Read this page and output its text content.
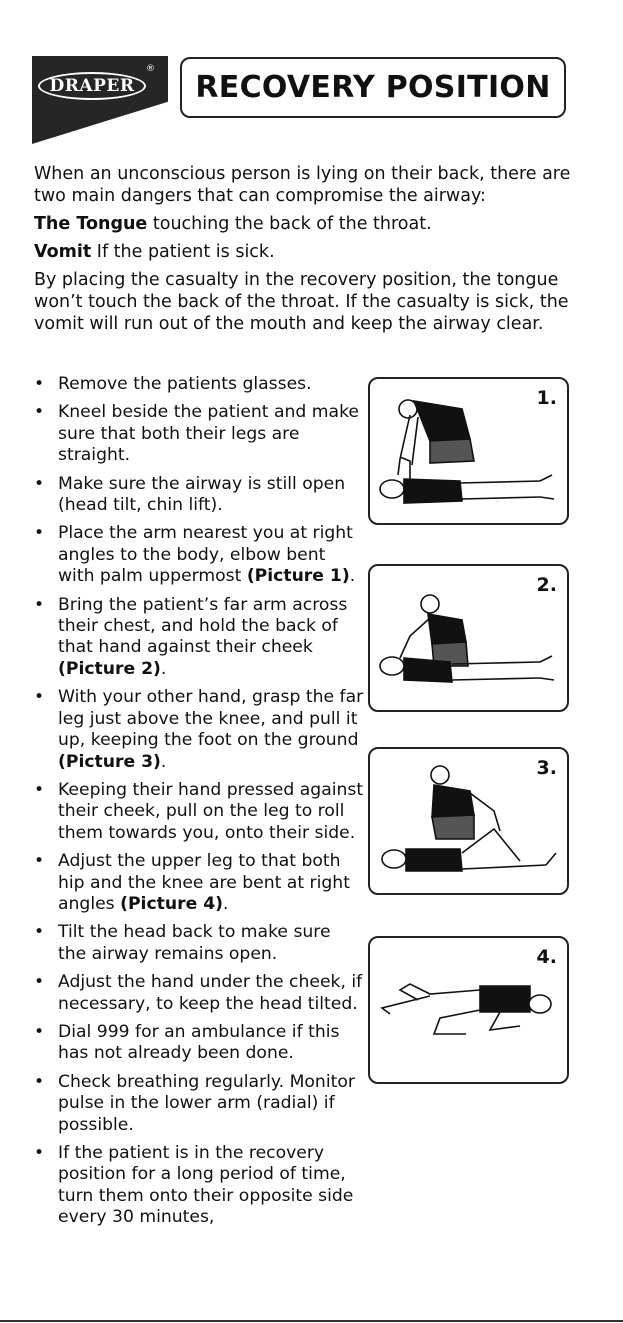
DRAPER
®
RECOVERY POSITION

When an unconscious person is lying on their back, there are two main dangers that can compromise the airway:

The Tongue touching the back of the throat.

Vomit If the patient is sick.

By placing the casualty in the recovery position, the tongue won’t touch the back of the throat. If the casualty is sick, the vomit will run out of the mouth and keep the airway clear.

• Remove the patients glasses.
• Kneel beside the patient and make sure that both their legs are straight.
• Make sure the airway is still open (head tilt, chin lift).
• Place the arm nearest you at right angles to the body, elbow bent with palm uppermost (Picture 1).
• Bring the patient’s far arm across their chest, and hold the back of that hand against their cheek (Picture 2).
• With your other hand, grasp the far leg just above the knee, and pull it up, keeping the foot on the ground (Picture 3).
• Keeping their hand pressed against their cheek, pull on the leg to roll them towards you, onto their side.
• Adjust the upper leg to that both hip and the knee are bent at right angles (Picture 4).
• Tilt the head back to make sure the airway remains open.
• Adjust the hand under the cheek, if necessary, to keep the head tilted.
• Dial 999 for an ambulance if this has not already been done.
• Check breathing regularly. Monitor pulse in the lower arm (radial) if possible.
• If the patient is in the recovery position for a long period of time, turn them onto their opposite side every 30 minutes,
1.
2.
3.
4.
